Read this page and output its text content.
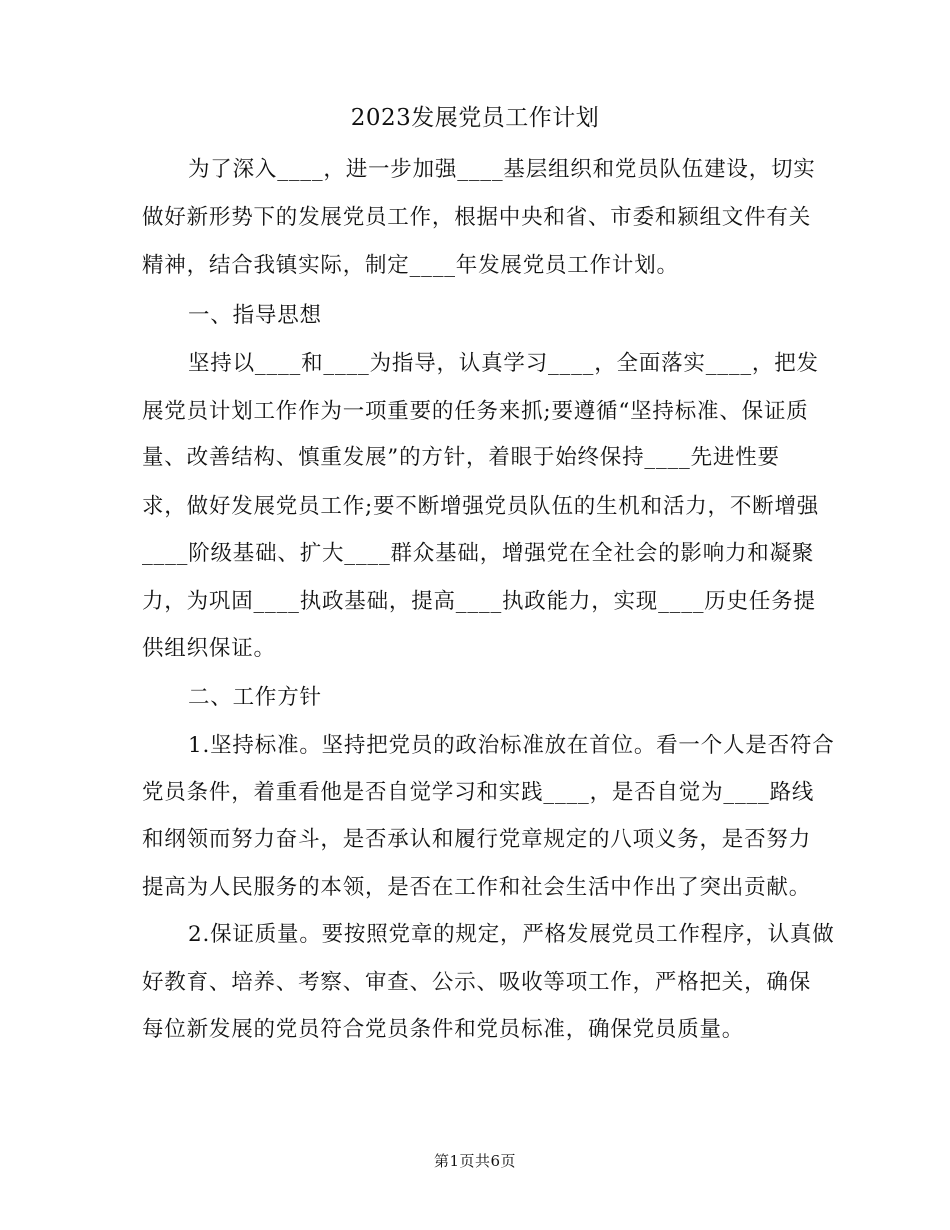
2023发展党员工作计划

为了深入____，进一步加强____基层组织和党员队伍建设，切实

做好新形势下的发展党员工作，根据中央和省、市委和颍组文件有关

精神，结合我镇实际，制定____年发展党员工作计划。

一、指导思想

坚持以____和____为指导，认真学习____，全面落实____，把发

展党员计划工作作为一项重要的任务来抓;要遵循“坚持标准、保证质

量、改善结构、慎重发展”的方针，着眼于始终保持____先进性要

求，做好发展党员工作;要不断增强党员队伍的生机和活力，不断增强

____阶级基础、扩大____群众基础，增强党在全社会的影响力和凝聚

力，为巩固____执政基础，提高____执政能力，实现____历史任务提

供组织保证。

二、工作方针

1.坚持标准。坚持把党员的政治标准放在首位。看一个人是否符合

党员条件，着重看他是否自觉学习和实践____，是否自觉为____路线

和纲领而努力奋斗，是否承认和履行党章规定的八项义务，是否努力

提高为人民服务的本领，是否在工作和社会生活中作出了突出贡献。

2.保证质量。要按照党章的规定，严格发展党员工作程序，认真做

好教育、培养、考察、审查、公示、吸收等项工作，严格把关，确保

每位新发展的党员符合党员条件和党员标准，确保党员质量。

第1页共6页
